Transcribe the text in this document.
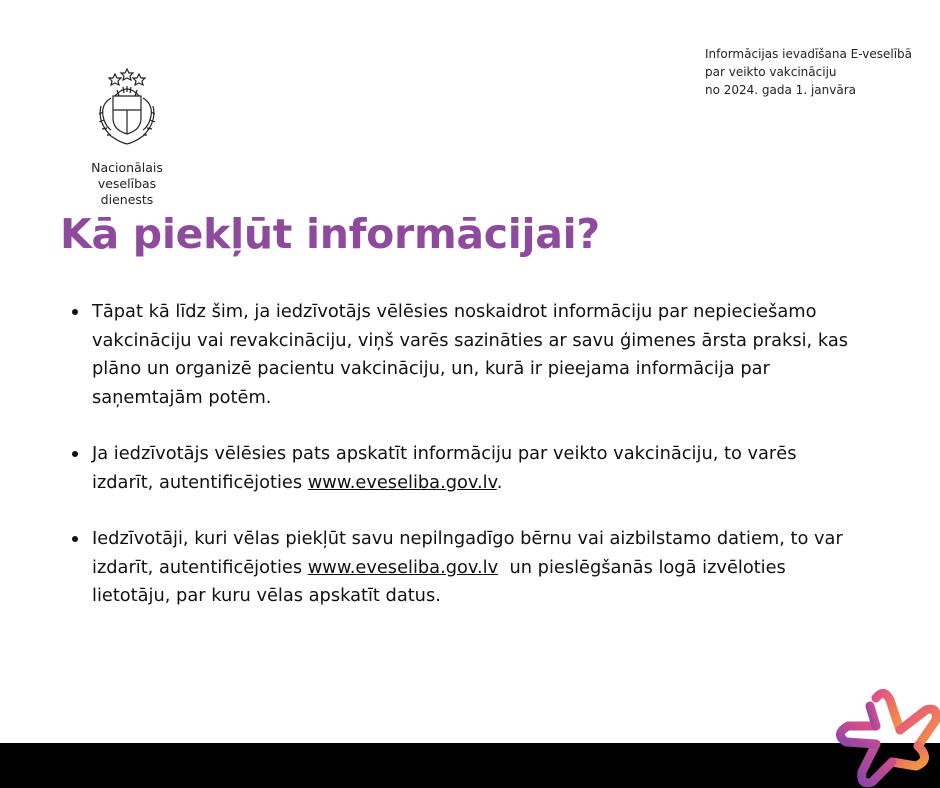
Nacionālais veselības
dienests
Informācijas ievadīšana E-veselībā
par veikto vakcināciju
no 2024. gada 1. janvāra
Kā piekļūt informācijai?
Tāpat kā līdz šim, ja iedzīvotājs vēlēsies noskaidrot informāciju par nepieciešamo vakcināciju vai revakcināciju, viņš varēs sazināties ar savu ģimenes ārsta praksi, kas plāno un organizē pacientu vakcināciju, un, kurā ir pieejama informācija par saņemtajām potēm.
Ja iedzīvotājs vēlēsies pats apskatīt informāciju par veikto vakcināciju, to varēs izdarīt, autentificējoties www.eveseliba.gov.lv.
Iedzīvotāji, kuri vēlas piekļūt savu nepilngadīgo bērnu vai aizbilstamo datiem, to var izdarīt, autentificējoties www.eveseliba.gov.lv  un pieslēgšanās logā izvēloties lietotāju, par kuru vēlas apskatīt datus.
